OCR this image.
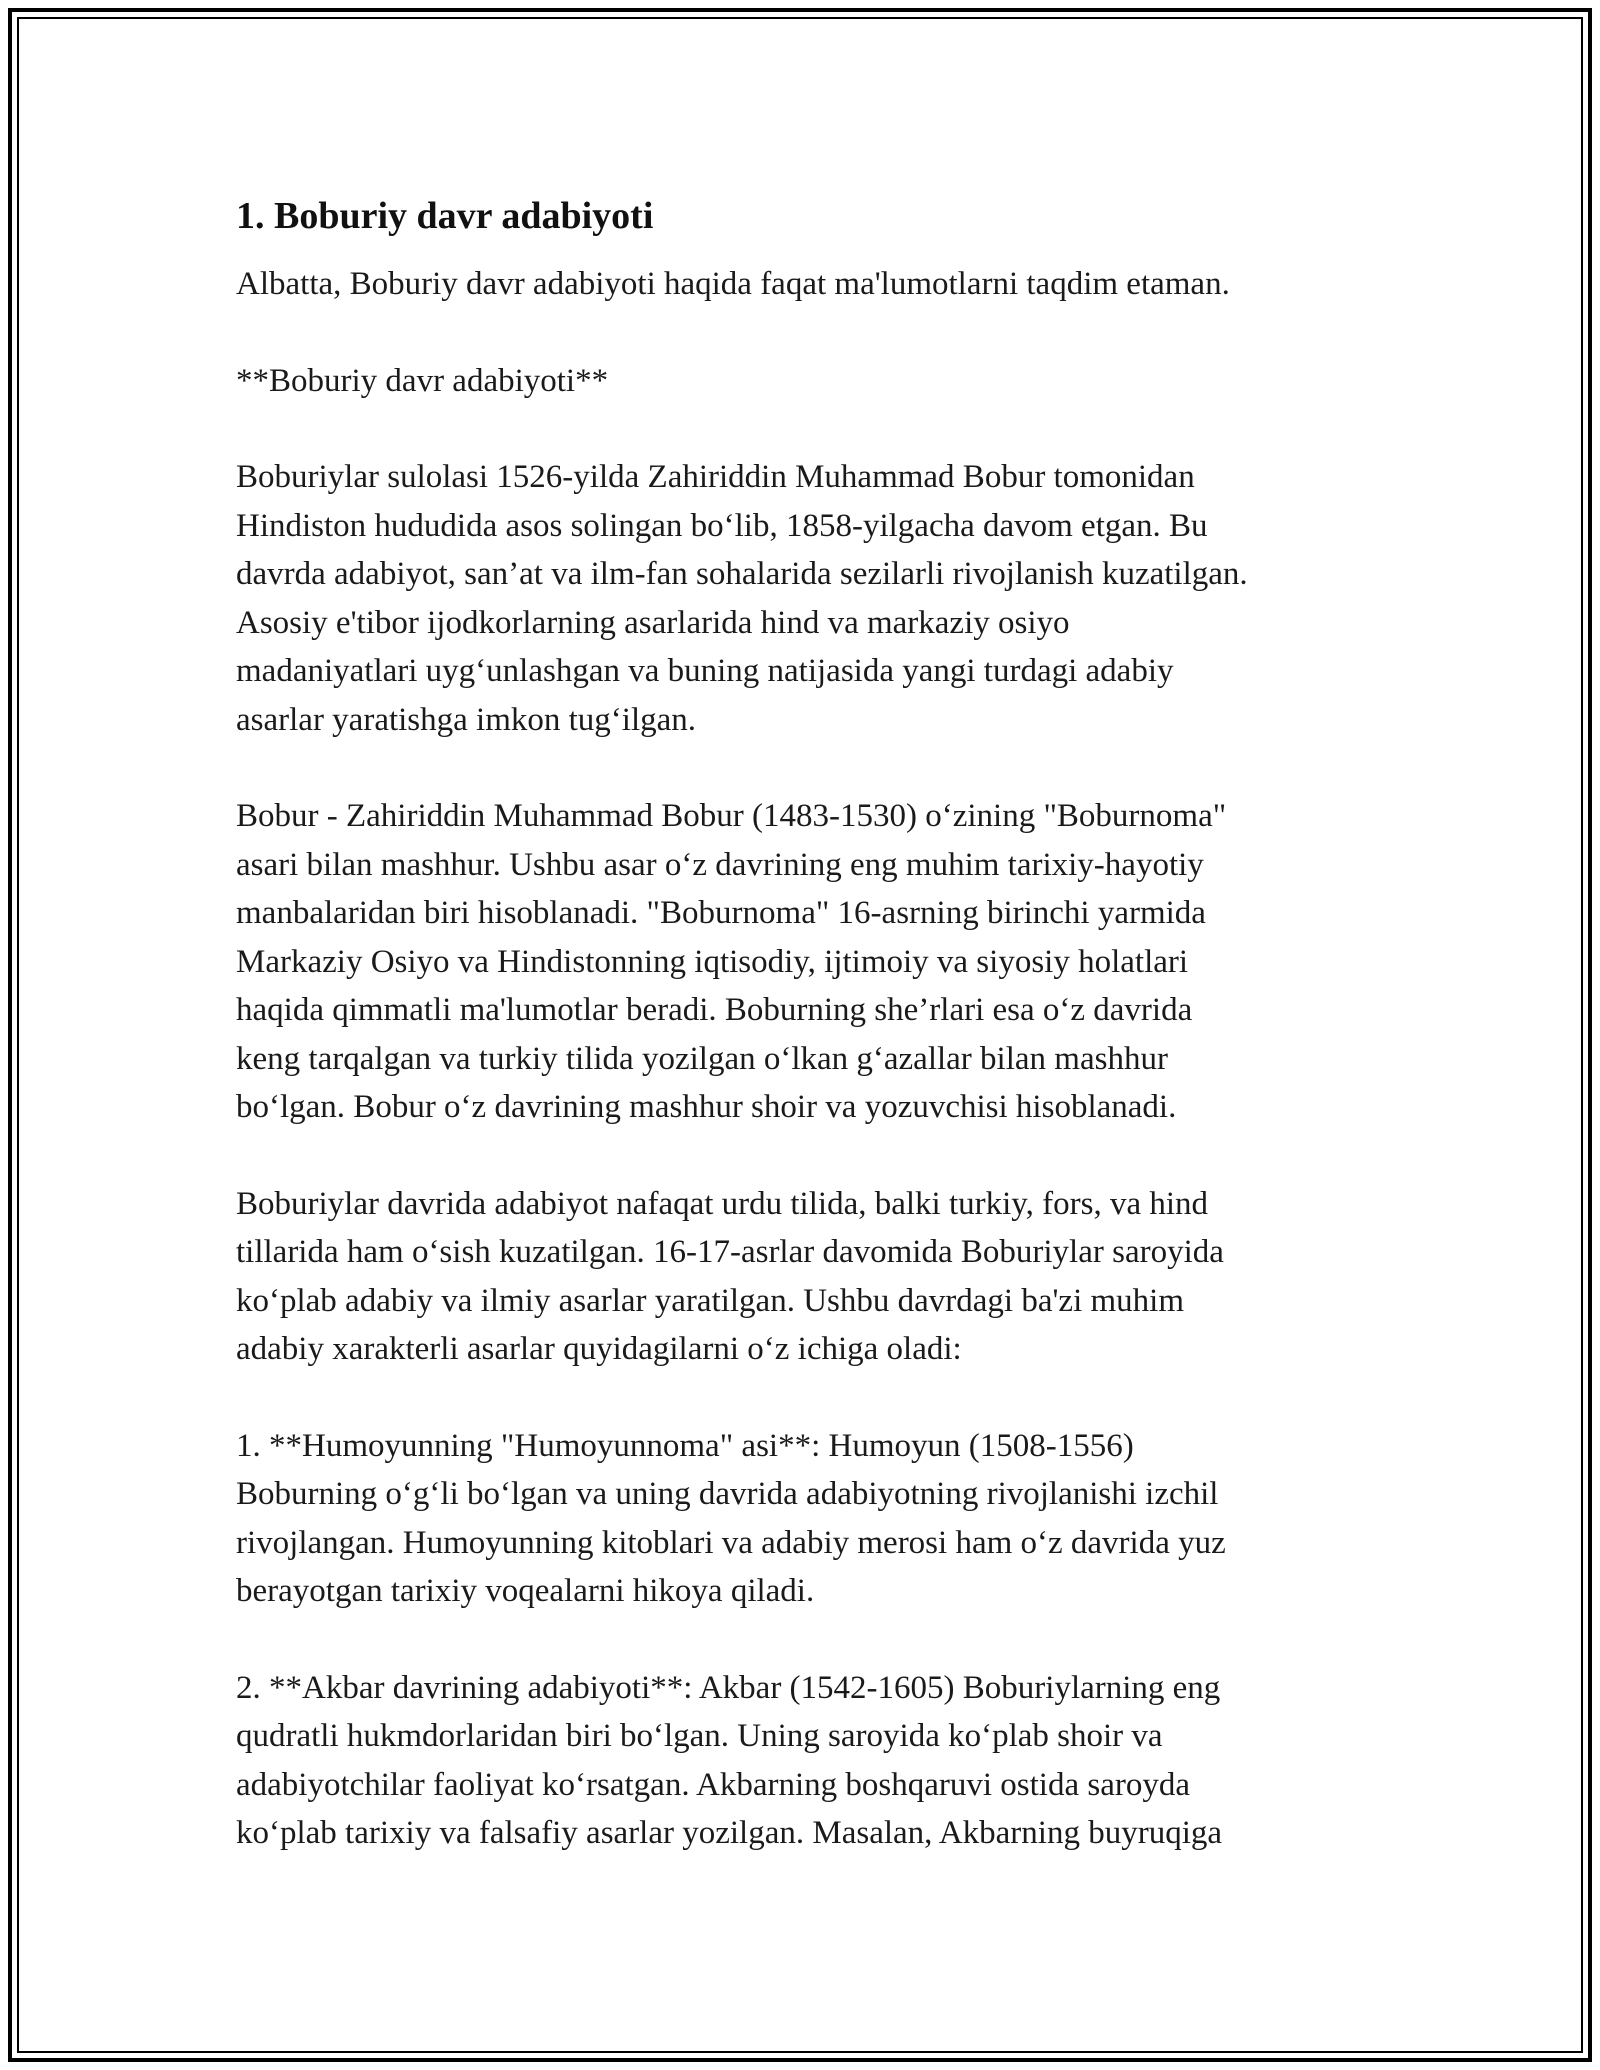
1. Boburiy davr adabiyoti

Albatta, Boburiy davr adabiyoti haqida faqat ma'lumotlarni taqdim etaman.

**Boburiy davr adabiyoti**

Boburiylar sulolasi 1526-yilda Zahiriddin Muhammad Bobur tomonidan
Hindiston hududida asos solingan bo‘lib, 1858-yilgacha davom etgan. Bu
davrda adabiyot, san’at va ilm-fan sohalarida sezilarli rivojlanish kuzatilgan.
Asosiy e'tibor ijodkorlarning asarlarida hind va markaziy osiyo
madaniyatlari uyg‘unlashgan va buning natijasida yangi turdagi adabiy
asarlar yaratishga imkon tug‘ilgan.

Bobur - Zahiriddin Muhammad Bobur (1483-1530) o‘zining "Boburnoma"
asari bilan mashhur. Ushbu asar o‘z davrining eng muhim tarixiy-hayotiy
manbalaridan biri hisoblanadi. "Boburnoma" 16-asrning birinchi yarmida
Markaziy Osiyo va Hindistonning iqtisodiy, ijtimoiy va siyosiy holatlari
haqida qimmatli ma'lumotlar beradi. Boburning she’rlari esa o‘z davrida
keng tarqalgan va turkiy tilida yozilgan o‘lkan g‘azallar bilan mashhur
bo‘lgan. Bobur o‘z davrining mashhur shoir va yozuvchisi hisoblanadi.

Boburiylar davrida adabiyot nafaqat urdu tilida, balki turkiy, fors, va hind
tillarida ham o‘sish kuzatilgan. 16-17-asrlar davomida Boburiylar saroyida
ko‘plab adabiy va ilmiy asarlar yaratilgan. Ushbu davrdagi ba'zi muhim
adabiy xarakterli asarlar quyidagilarni o‘z ichiga oladi:

1. **Humoyunning "Humoyunnoma" asi**: Humoyun (1508-1556)
Boburning o‘g‘li bo‘lgan va uning davrida adabiyotning rivojlanishi izchil
rivojlangan. Humoyunning kitoblari va adabiy merosi ham o‘z davrida yuz
berayotgan tarixiy voqealarni hikoya qiladi.

2. **Akbar davrining adabiyoti**: Akbar (1542-1605) Boburiylarning eng
qudratli hukmdorlaridan biri bo‘lgan. Uning saroyida ko‘plab shoir va
adabiyotchilar faoliyat ko‘rsatgan. Akbarning boshqaruvi ostida saroyda
ko‘plab tarixiy va falsafiy asarlar yozilgan. Masalan, Akbarning buyruqiga
